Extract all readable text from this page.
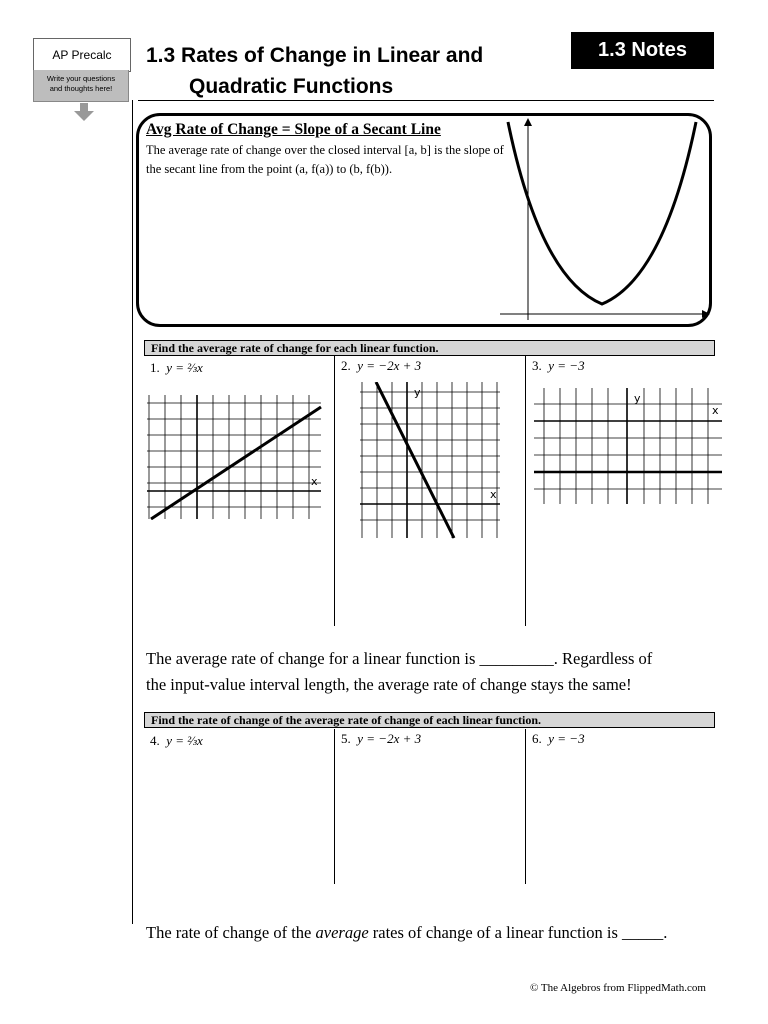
AP Precalc
Write your questions
and thoughts here!
1.3 Rates of Change in Linear and
Quadratic Functions
1.3 Notes
Avg Rate of Change = Slope of a Secant Line
The average rate of change over the closed interval [a, b] is the slope of the secant line from the point (a, f(a)) to (b, f(b)).
Find the average rate of change for each linear function.
1. y = ⅔x	2. y = −2x + 3	3. y = −3
x
y
x
y
x
The average rate of change for a linear function is _________. Regardless of
the input-value interval length, the average rate of change stays the same!
Find the rate of change of the average rate of change of each linear function.
4. y = ⅔x	5. y = −2x + 3	6. y = −3
The rate of change of the average rates of change of a linear function is _____.
© The Algebros from FlippedMath.com
